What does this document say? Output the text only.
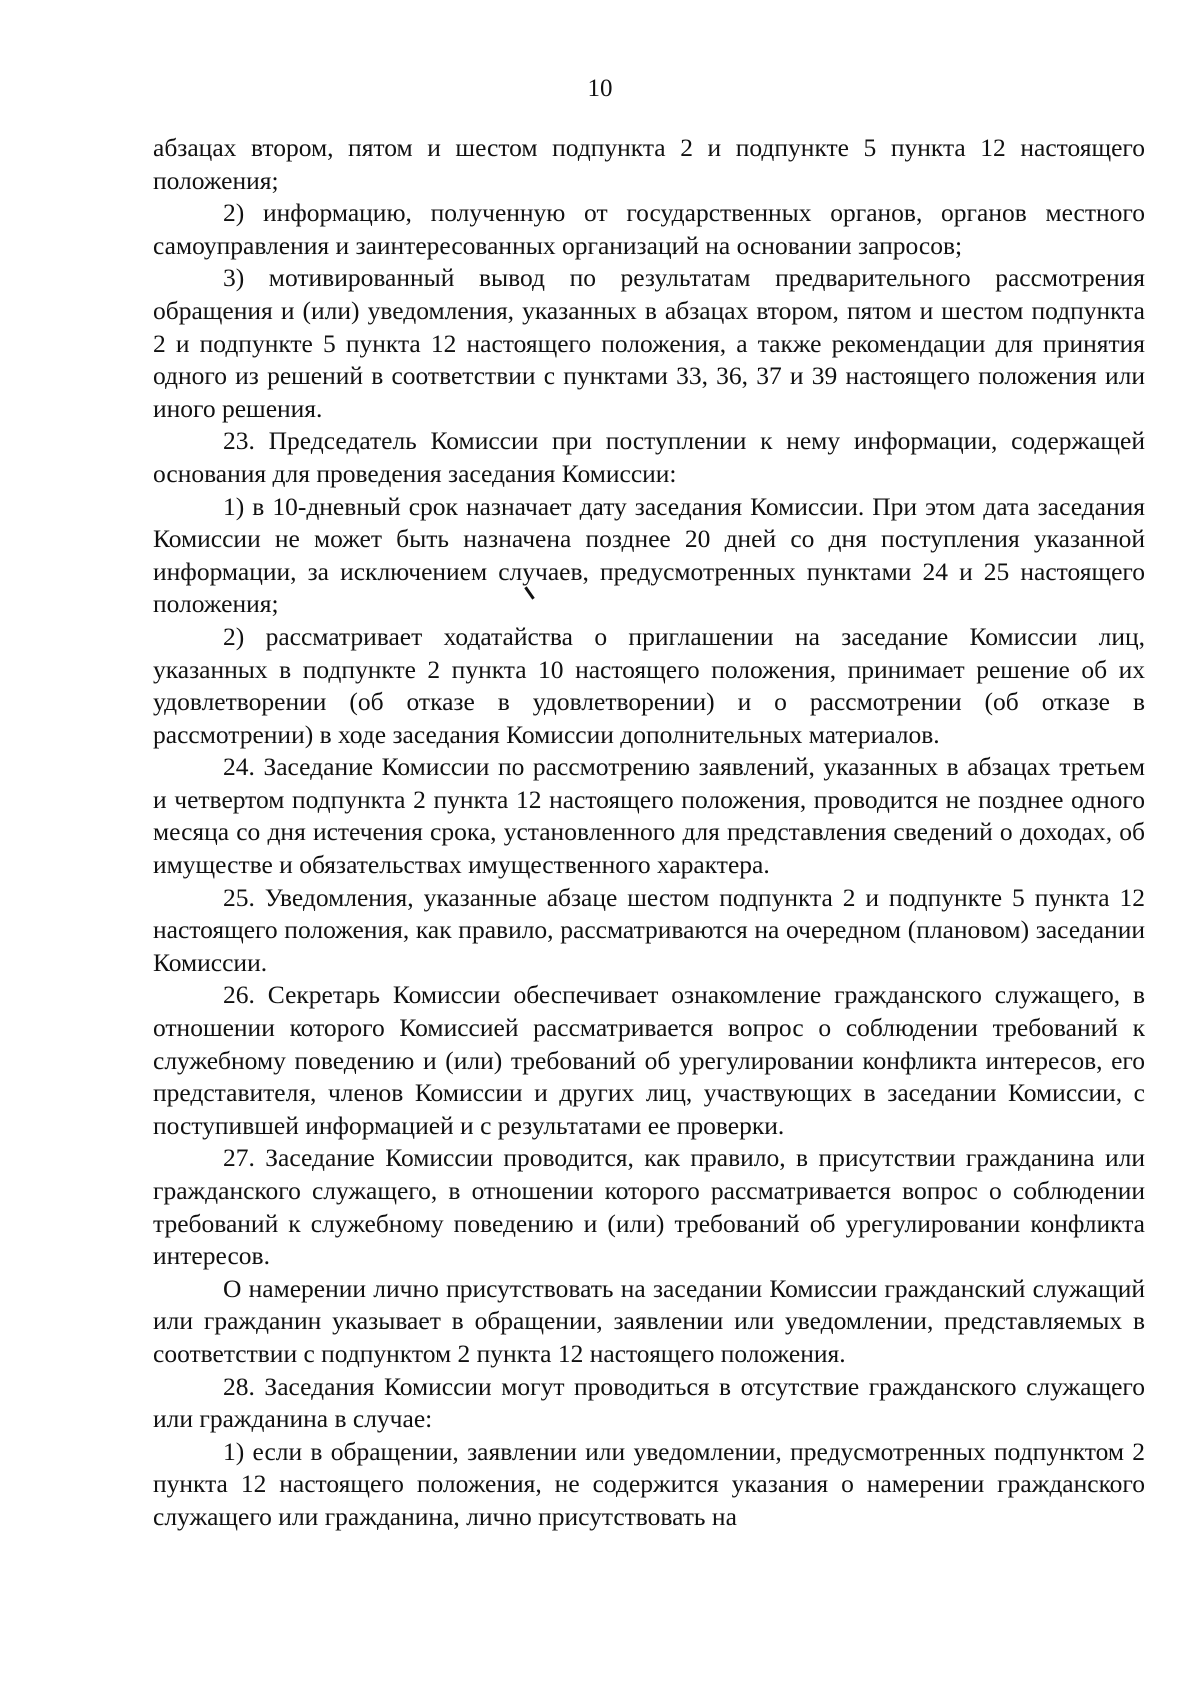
10

абзацах втором, пятом и шестом подпункта 2 и подпункте 5 пункта 12 настоящего положения;

2) информацию, полученную от государственных органов, органов местного самоуправления и заинтересованных организаций на основании запросов;

3) мотивированный вывод по результатам предварительного рассмотрения обращения и (или) уведомления, указанных в абзацах втором, пятом и шестом подпункта 2 и подпункте 5 пункта 12 настоящего положения, а также рекомендации для принятия одного из решений в соответствии с пунктами 33, 36, 37 и 39 настоящего положения или иного решения.

23. Председатель Комиссии при поступлении к нему информации, содержащей основания для проведения заседания Комиссии:

1) в 10-дневный срок назначает дату заседания Комиссии. При этом дата заседания Комиссии не может быть назначена позднее 20 дней со дня поступления указанной информации, за исключением случаев, предусмотренных пунктами 24 и 25 настоящего положения;

2) рассматривает ходатайства о приглашении на заседание Комиссии лиц, указанных в подпункте 2 пункта 10 настоящего положения, принимает решение об их удовлетворении (об отказе в удовлетворении) и о рассмотрении (об отказе в рассмотрении) в ходе заседания Комиссии дополнительных материалов.

24. Заседание Комиссии по рассмотрению заявлений, указанных в абзацах третьем и четвертом подпункта 2 пункта 12 настоящего положения, проводится не позднее одного месяца со дня истечения срока, установленного для представления сведений о доходах, об имуществе и обязательствах имущественного характера.

25. Уведомления, указанные абзаце шестом подпункта 2 и подпункте 5 пункта 12 настоящего положения, как правило, рассматриваются на очередном (плановом) заседании Комиссии.

26. Секретарь Комиссии обеспечивает ознакомление гражданского служащего, в отношении которого Комиссией рассматривается вопрос о соблюдении требований к служебному поведению и (или) требований об урегулировании конфликта интересов, его представителя, членов Комиссии и других лиц, участвующих в заседании Комиссии, с поступившей информацией и с результатами ее проверки.

27. Заседание Комиссии проводится, как правило, в присутствии гражданина или гражданского служащего, в отношении которого рассматривается вопрос о соблюдении требований к служебному поведению и (или) требований об урегулировании конфликта интересов.

О намерении лично присутствовать на заседании Комиссии гражданский служащий или гражданин указывает в обращении, заявлении или уведомлении, представляемых в соответствии с подпунктом 2 пункта 12 настоящего положения.

28. Заседания Комиссии могут проводиться в отсутствие гражданского служащего или гражданина в случае:

1) если в обращении, заявлении или уведомлении, предусмотренных подпунктом 2 пункта 12 настоящего положения, не содержится указания о намерении гражданского служащего или гражданина, лично присутствовать на
